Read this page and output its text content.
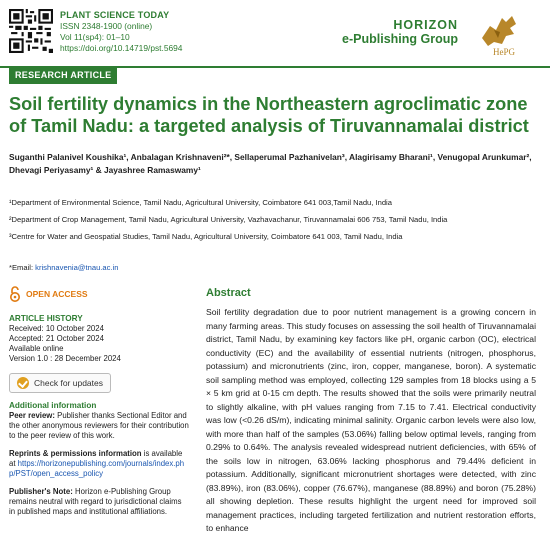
PLANT SCIENCE TODAY
ISSN 2348-1900 (online)
Vol 11(sp4): 01–10
https://doi.org/10.14719/pst.5694
HORIZON
e-Publishing Group
HePG
RESEARCH ARTICLE
Soil fertility dynamics in the Northeastern agroclimatic zone of Tamil Nadu: a targeted analysis of Tiruvannamalai district
Suganthi Palanivel Koushika¹, Anbalagan Krishnaveni²*, Sellaperumal Pazhanivelan³, Alagirisamy Bharani¹, Venugopal Arunkumar², Dhevagi Periyasamy¹ & Jayashree Ramaswamy¹
¹Department of Environmental Science, Tamil Nadu, Agricultural University, Coimbatore 641 003,Tamil Nadu, India
²Department of Crop Management, Tamil Nadu, Agricultural University, Vazhavachanur, Tiruvannamalai 606 753, Tamil Nadu, India
³Centre for Water and Geospatial Studies, Tamil Nadu, Agricultural University, Coimbatore 641 003, Tamil Nadu, India
*Email: krishnavenia@tnau.ac.in
OPEN ACCESS
ARTICLE HISTORY
Received: 10 October 2024
Accepted: 21 October 2024
Available online
Version 1.0 : 28 December 2024
Check for updates
Additional information
Peer review: Publisher thanks Sectional Editor and the other anonymous reviewers for their contribution to the peer review of this work.
Reprints & permissions information is available at https://horizonepublishing.com/journals/index.php/PST/open_access_policy
Publisher's Note: Horizon e-Publishing Group remains neutral with regard to jurisdictional claims in published maps and institutional affiliations.
Abstract
Soil fertility degradation due to poor nutrient management is a growing concern in many farming areas. This study focuses on assessing the soil health of Tiruvannamalai district, Tamil Nadu, by examining key factors like pH, organic carbon (OC), electrical conductivity (EC) and the availability of essential nutrients (nitrogen, phosphorus, potassium) and micronutrients (zinc, iron, copper, manganese, boron). A systematic soil sampling method was employed, collecting 129 samples from 18 blocks using a 5 × 5 km grid at 0-15 cm depth. The results showed that the soils were primarily neutral to slightly alkaline, with pH values ranging from 7.15 to 7.41. Electrical conductivity was low (<0.26 dS/m), indicating minimal salinity. Organic carbon levels were also low, with more than half of the samples (53.06%) falling below optimal levels, ranging from 0.29% to 0.64%. The analysis revealed widespread nutrient deficiencies, with 65% of the soils low in nitrogen, 63.06% lacking phosphorus and 79.44% deficient in potassium. Additionally, significant micronutrient shortages were detected, with zinc (83.89%), iron (83.06%), copper (76.67%), manganese (88.89%) and boron (75.28%) all showing depletion. These results highlight the urgent need for improved soil management practices, including targeted fertilization and nutrient restoration efforts, to enhance
